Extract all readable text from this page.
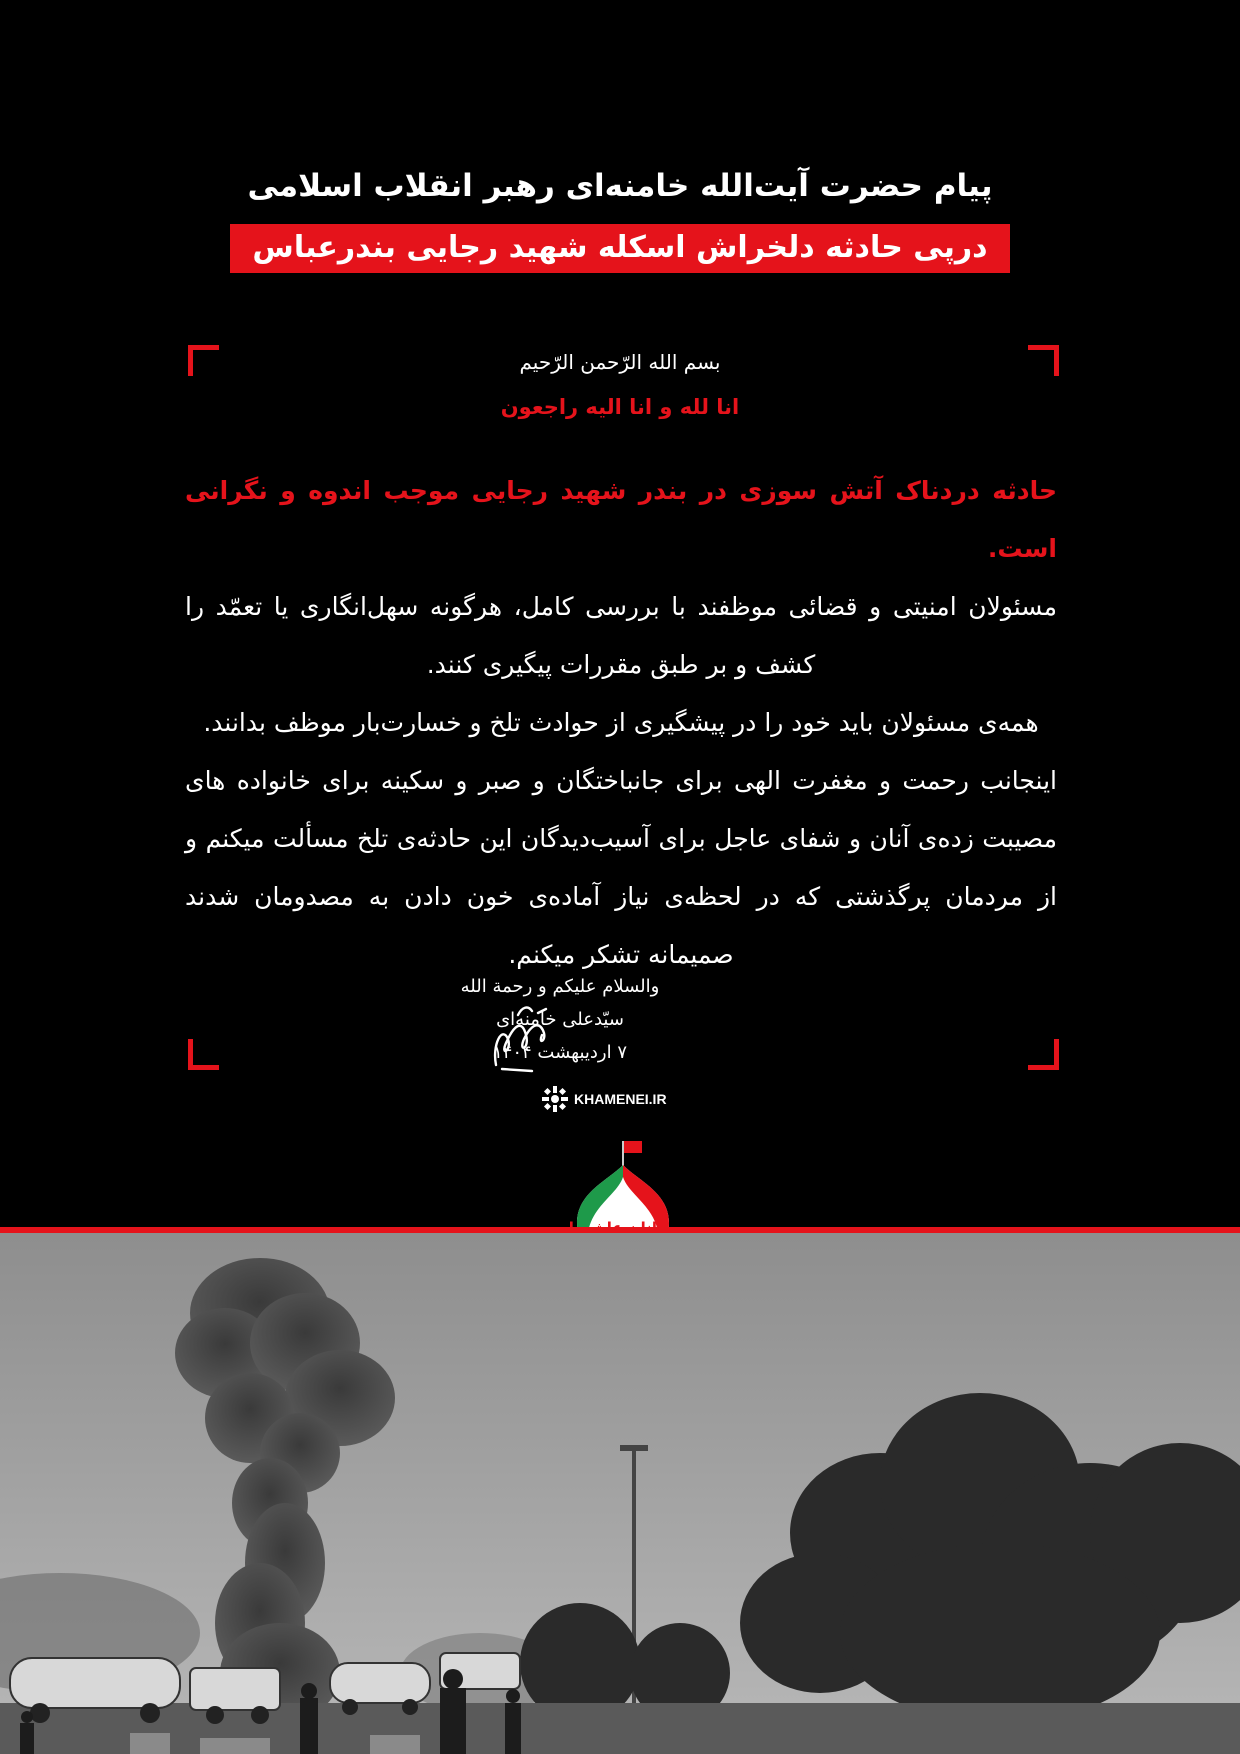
پیام حضرت آیت‌الله خامنه‌ای رهبر انقلاب اسلامی
درپی حادثه دلخراش اسکله شهید رجایی بندرعباس
بسم الله الرّحمن الرّحیم
انا لله و انا الیه راجعون

حادثه دردناک آتش سوزی در بندر شهید رجایی موجب اندوه و نگرانی است.

مسئولان امنیتی و قضائی موظفند با بررسی کامل، هرگونه سهل‌انگاری یا تعمّد را کشف و بر طبق مقررات پیگیری کنند.

همه‌ی مسئولان باید خود را در پیشگیری از حوادث تلخ و خسارت‌بار موظف بدانند.

اینجانب رحمت و مغفرت الهی برای جانباختگان و صبر و سکینه برای خانواده های مصیبت زده‌ی آنان و شفای عاجل برای آسیب‌دیدگان این حادثه‌ی تلخ مسألت میکنم و از مردمان پرگذشتی که در لحظه‌ی نیاز آماده‌ی خون دادن به مصدومان شدند صمیمانه تشکر میکنم.

والسلام علیکم و رحمة الله
سیّدعلی خامنه‌ای
۷ اردیبهشت ۱۴۰۴
KHAMENEI.IR
